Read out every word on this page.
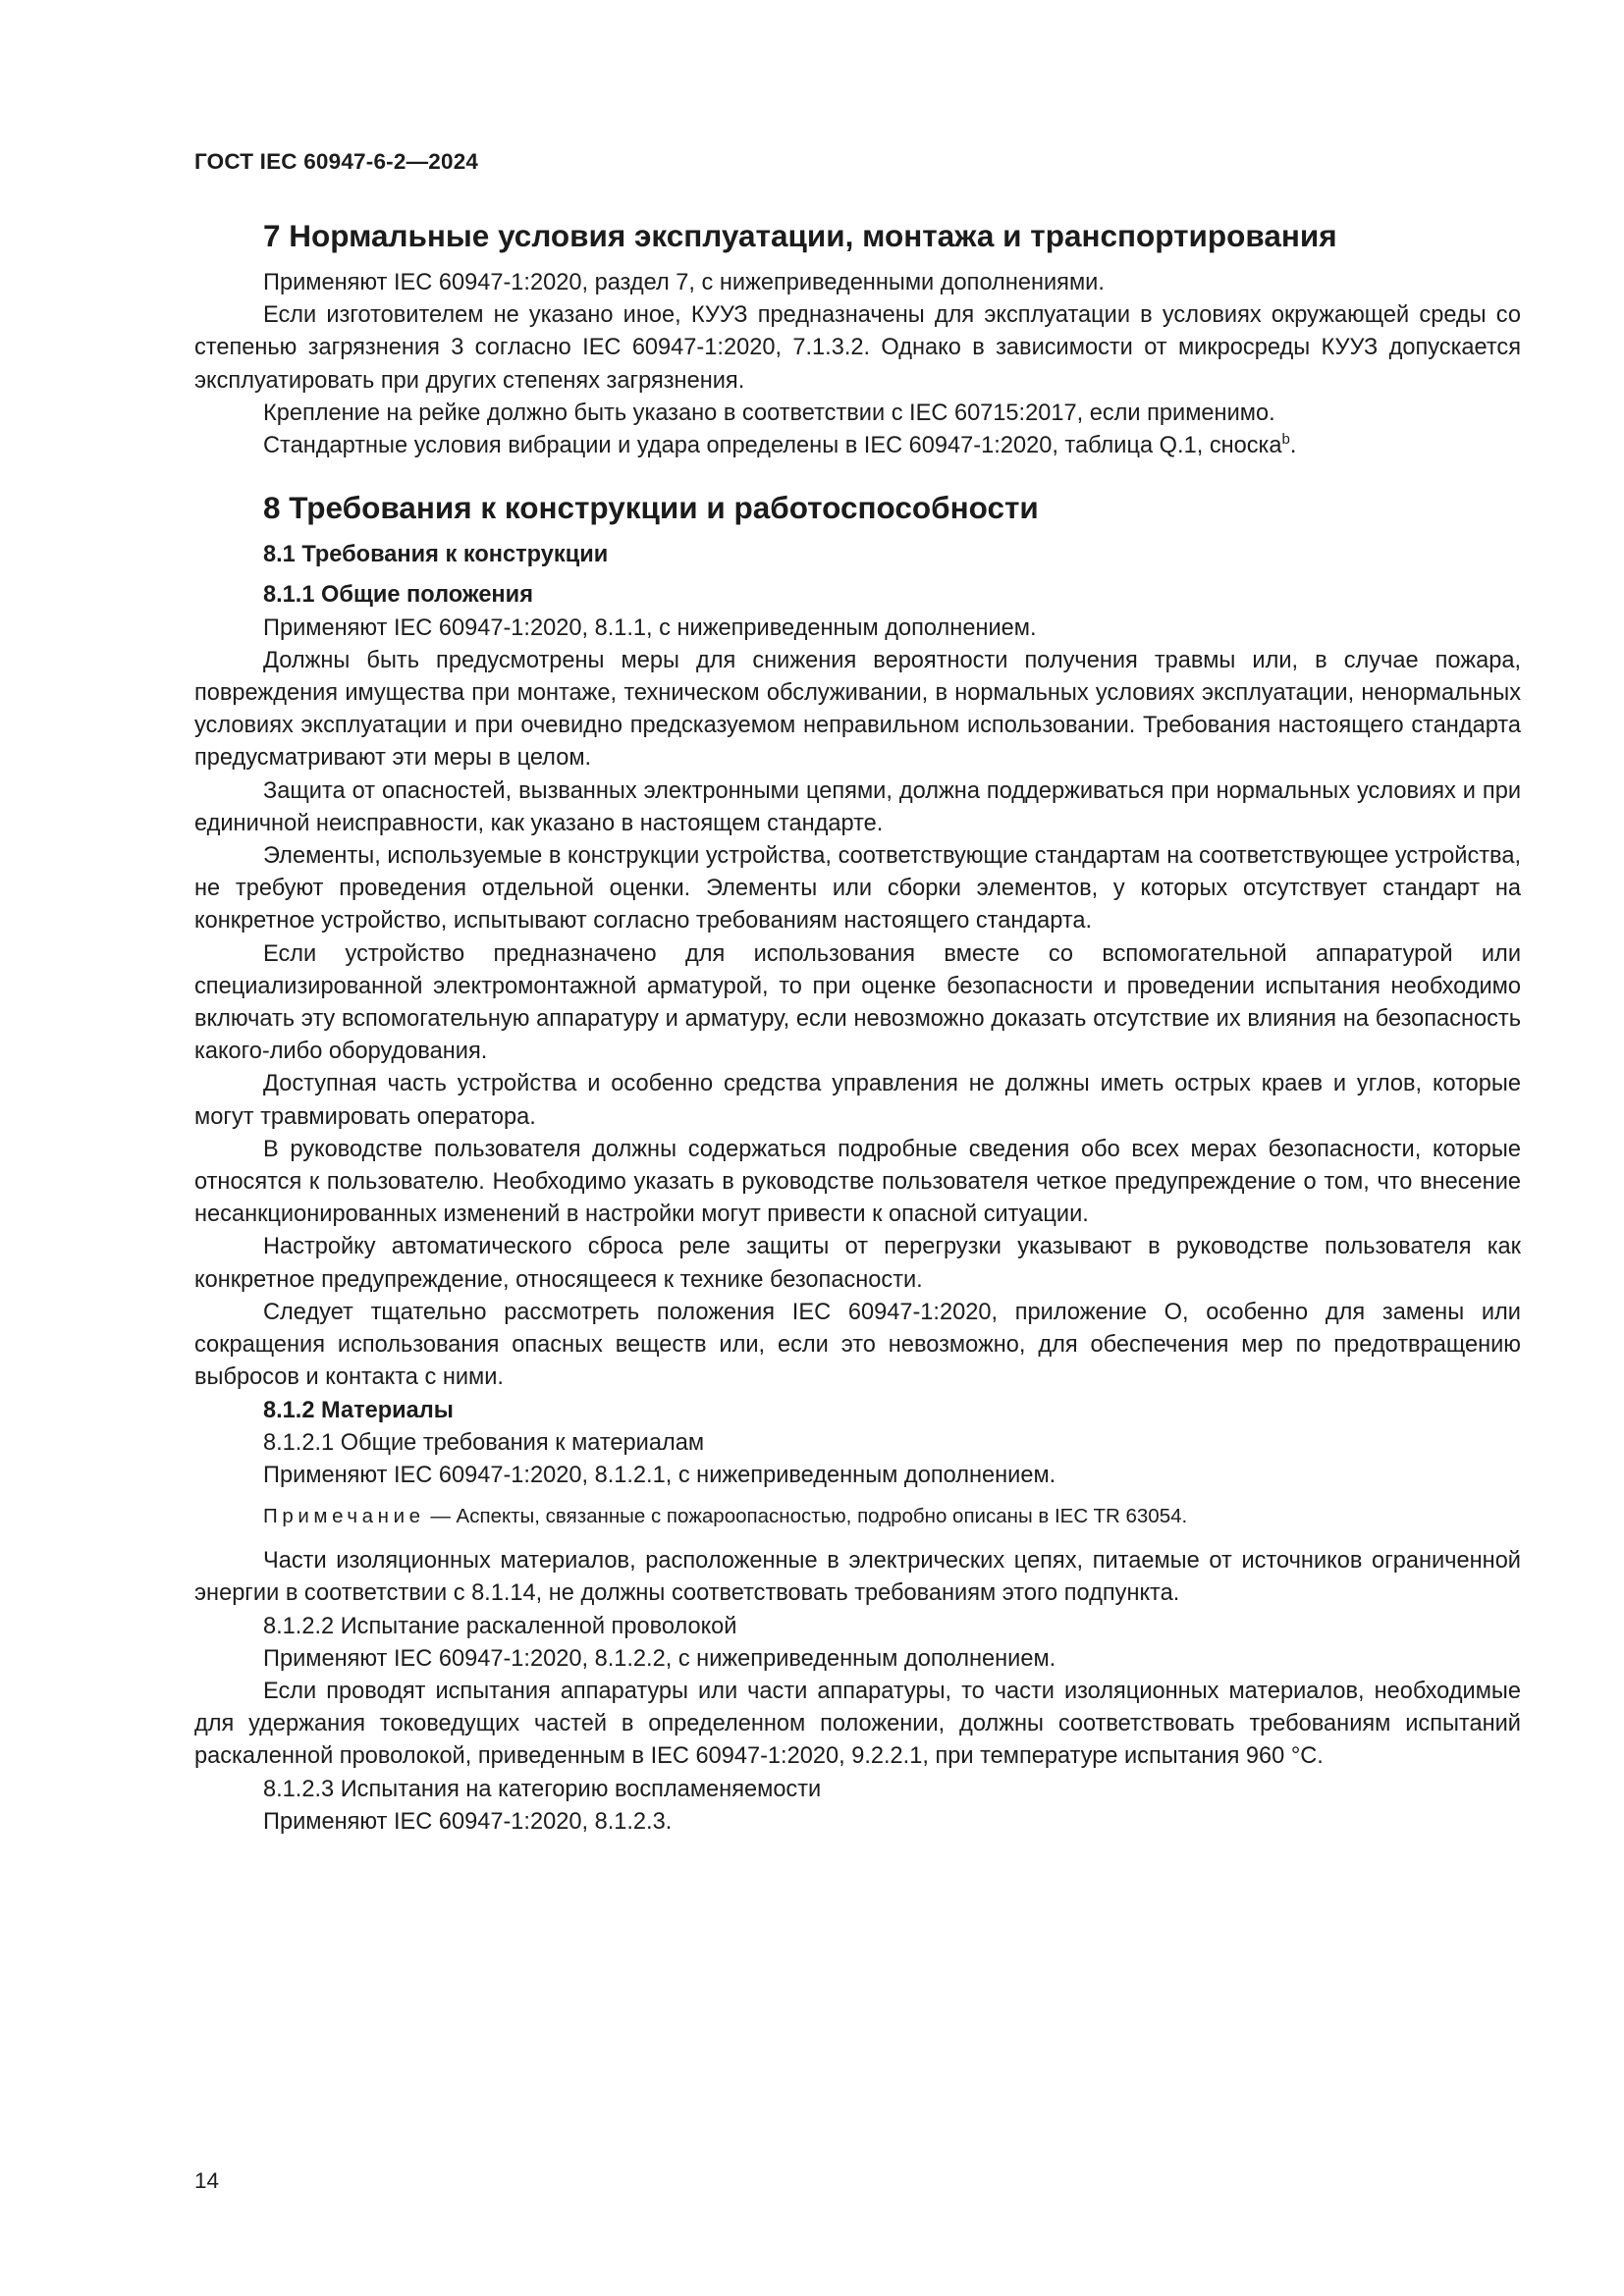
ГОСТ IEC 60947-6-2—2024
7 Нормальные условия эксплуатации, монтажа и транспортирования

Применяют IEC 60947-1:2020, раздел 7, с нижеприведенными дополнениями.

Если изготовителем не указано иное, КУУЗ предназначены для эксплуатации в условиях окружающей среды со степенью загрязнения 3 согласно IEC 60947-1:2020, 7.1.3.2. Однако в зависимости от микросреды КУУЗ допускается эксплуатировать при других степенях загрязнения.

Крепление на рейке должно быть указано в соответствии с IEC 60715:2017, если применимо.

Стандартные условия вибрации и удара определены в IEC 60947-1:2020, таблица Q.1, сноска$^b$.

8 Требования к конструкции и работоспособности
8.1 Требования к конструкции
8.1.1 Общие положения

Применяют IEC 60947-1:2020, 8.1.1, с нижеприведенным дополнением.

Должны быть предусмотрены меры для снижения вероятности получения травмы или, в случае пожара, повреждения имущества при монтаже, техническом обслуживании, в нормальных условиях эксплуатации, ненормальных условиях эксплуатации и при очевидно предсказуемом неправильном использовании. Требования настоящего стандарта предусматривают эти меры в целом.

Защита от опасностей, вызванных электронными цепями, должна поддерживаться при нормальных условиях и при единичной неисправности, как указано в настоящем стандарте.

Элементы, используемые в конструкции устройства, соответствующие стандартам на соответствующее устройства, не требуют проведения отдельной оценки. Элементы или сборки элементов, у которых отсутствует стандарт на конкретное устройство, испытывают согласно требованиям настоящего стандарта.

Если устройство предназначено для использования вместе со вспомогательной аппаратурой или специализированной электромонтажной арматурой, то при оценке безопасности и проведении испытания необходимо включать эту вспомогательную аппаратуру и арматуру, если невозможно доказать отсутствие их влияния на безопасность какого-либо оборудования.

Доступная часть устройства и особенно средства управления не должны иметь острых краев и углов, которые могут травмировать оператора.

В руководстве пользователя должны содержаться подробные сведения обо всех мерах безопасности, которые относятся к пользователю. Необходимо указать в руководстве пользователя четкое предупреждение о том, что внесение несанкционированных изменений в настройки могут привести к опасной ситуации.

Настройку автоматического сброса реле защиты от перегрузки указывают в руководстве пользователя как конкретное предупреждение, относящееся к технике безопасности.

Следует тщательно рассмотреть положения IEC 60947-1:2020, приложение О, особенно для замены или сокращения использования опасных веществ или, если это невозможно, для обеспечения мер по предотвращению выбросов и контакта с ними.

8.1.2 Материалы

8.1.2.1 Общие требования к материалам

Применяют IEC 60947-1:2020, 8.1.2.1, с нижеприведенным дополнением.

Примечание — Аспекты, связанные с пожароопасностью, подробно описаны в IEC TR 63054.

Части изоляционных материалов, расположенные в электрических цепях, питаемые от источников ограниченной энергии в соответствии с 8.1.14, не должны соответствовать требованиям этого подпункта.

8.1.2.2 Испытание раскаленной проволокой

Применяют IEC 60947-1:2020, 8.1.2.2, с нижеприведенным дополнением.

Если проводят испытания аппаратуры или части аппаратуры, то части изоляционных материалов, необходимые для удержания токоведущих частей в определенном положении, должны соответствовать требованиям испытаний раскаленной проволокой, приведенным в IEC 60947-1:2020, 9.2.2.1, при температуре испытания 960 °С.

8.1.2.3 Испытания на категорию воспламеняемости

Применяют IEC 60947-1:2020, 8.1.2.3.

14
